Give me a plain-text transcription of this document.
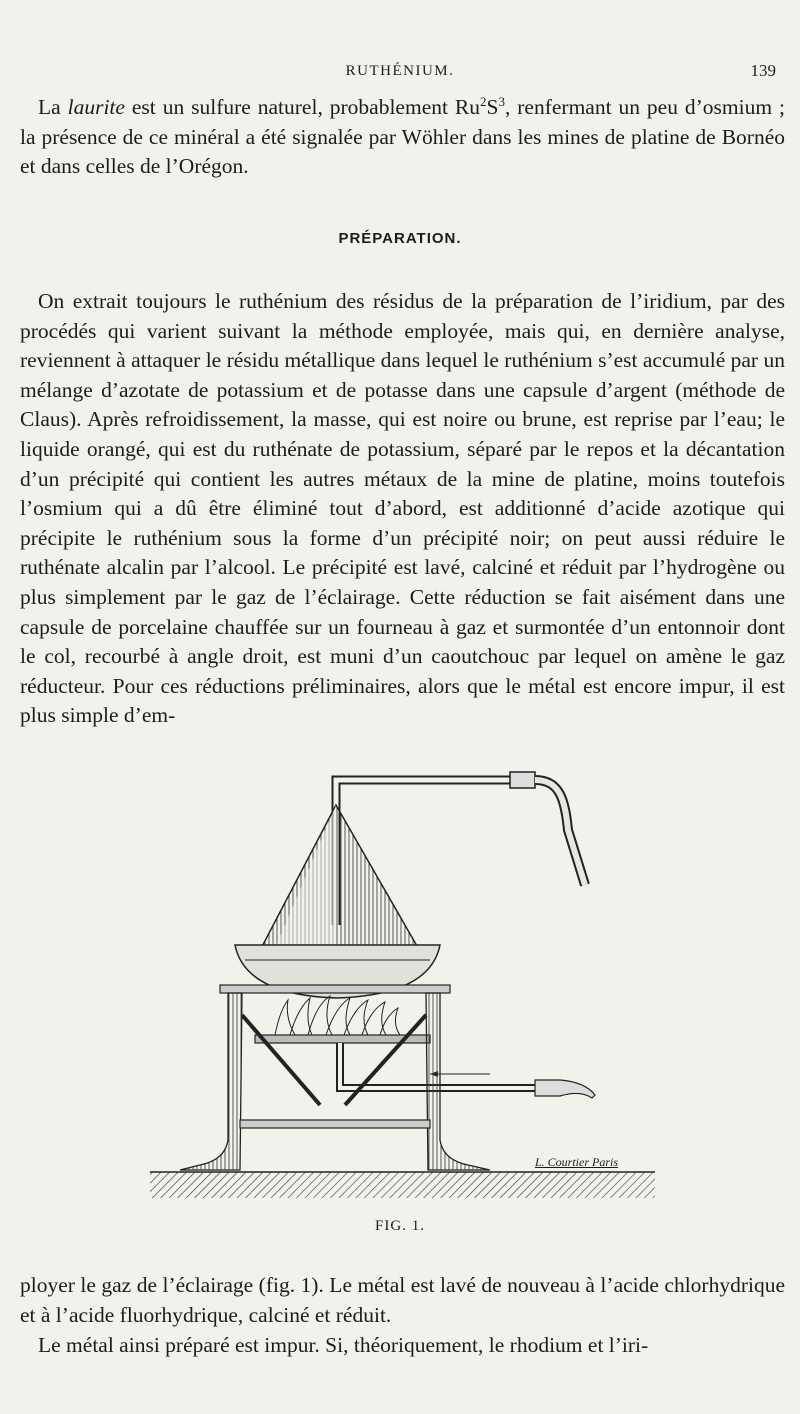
RUTHÉNIUM.	139

La laurite est un sulfure naturel, probablement $Ru^2S^3$, renfermant un peu d’osmium ; la présence de ce minéral a été signalée par Wöhler dans les mines de platine de Bornéo et dans celles de l’Orégon.

PRÉPARATION.

On extrait toujours le ruthénium des résidus de la préparation de l’iridium, par des procédés qui varient suivant la méthode employée, mais qui, en dernière analyse, reviennent à attaquer le résidu métallique dans lequel le ruthénium s’est accumulé par un mélange d’azotate de potassium et de potasse dans une capsule d’argent (méthode de Claus). Après refroidissement, la masse, qui est noire ou brune, est reprise par l’eau; le liquide orangé, qui est du ruthénate de potassium, séparé par le repos et la décantation d’un précipité qui contient les autres métaux de la mine de platine, moins toutefois l’osmium qui a dû être éliminé tout d’abord, est additionné d’acide azotique qui précipite le ruthénium sous la forme d’un précipité noir; on peut aussi réduire le ruthénate alcalin par l’alcool. Le précipité est lavé, calciné et réduit par l’hydrogène ou plus simplement par le gaz de l’éclairage. Cette réduction se fait aisément dans une capsule de porcelaine chauffée sur un fourneau à gaz et surmontée d’un entonnoir dont le col, recourbé à angle droit, est muni d’un caoutchouc par lequel on amène le gaz réducteur. Pour ces réductions préliminaires, alors que le métal est encore impur, il est plus simple d’em-

L. Courtier Paris
FIG. 1.

ployer le gaz de l’éclairage (fig. 1). Le métal est lavé de nouveau à l’acide chlorhydrique et à l’acide fluorhydrique, calciné et réduit.

Le métal ainsi préparé est impur. Si, théoriquement, le rhodium et l’iri-
